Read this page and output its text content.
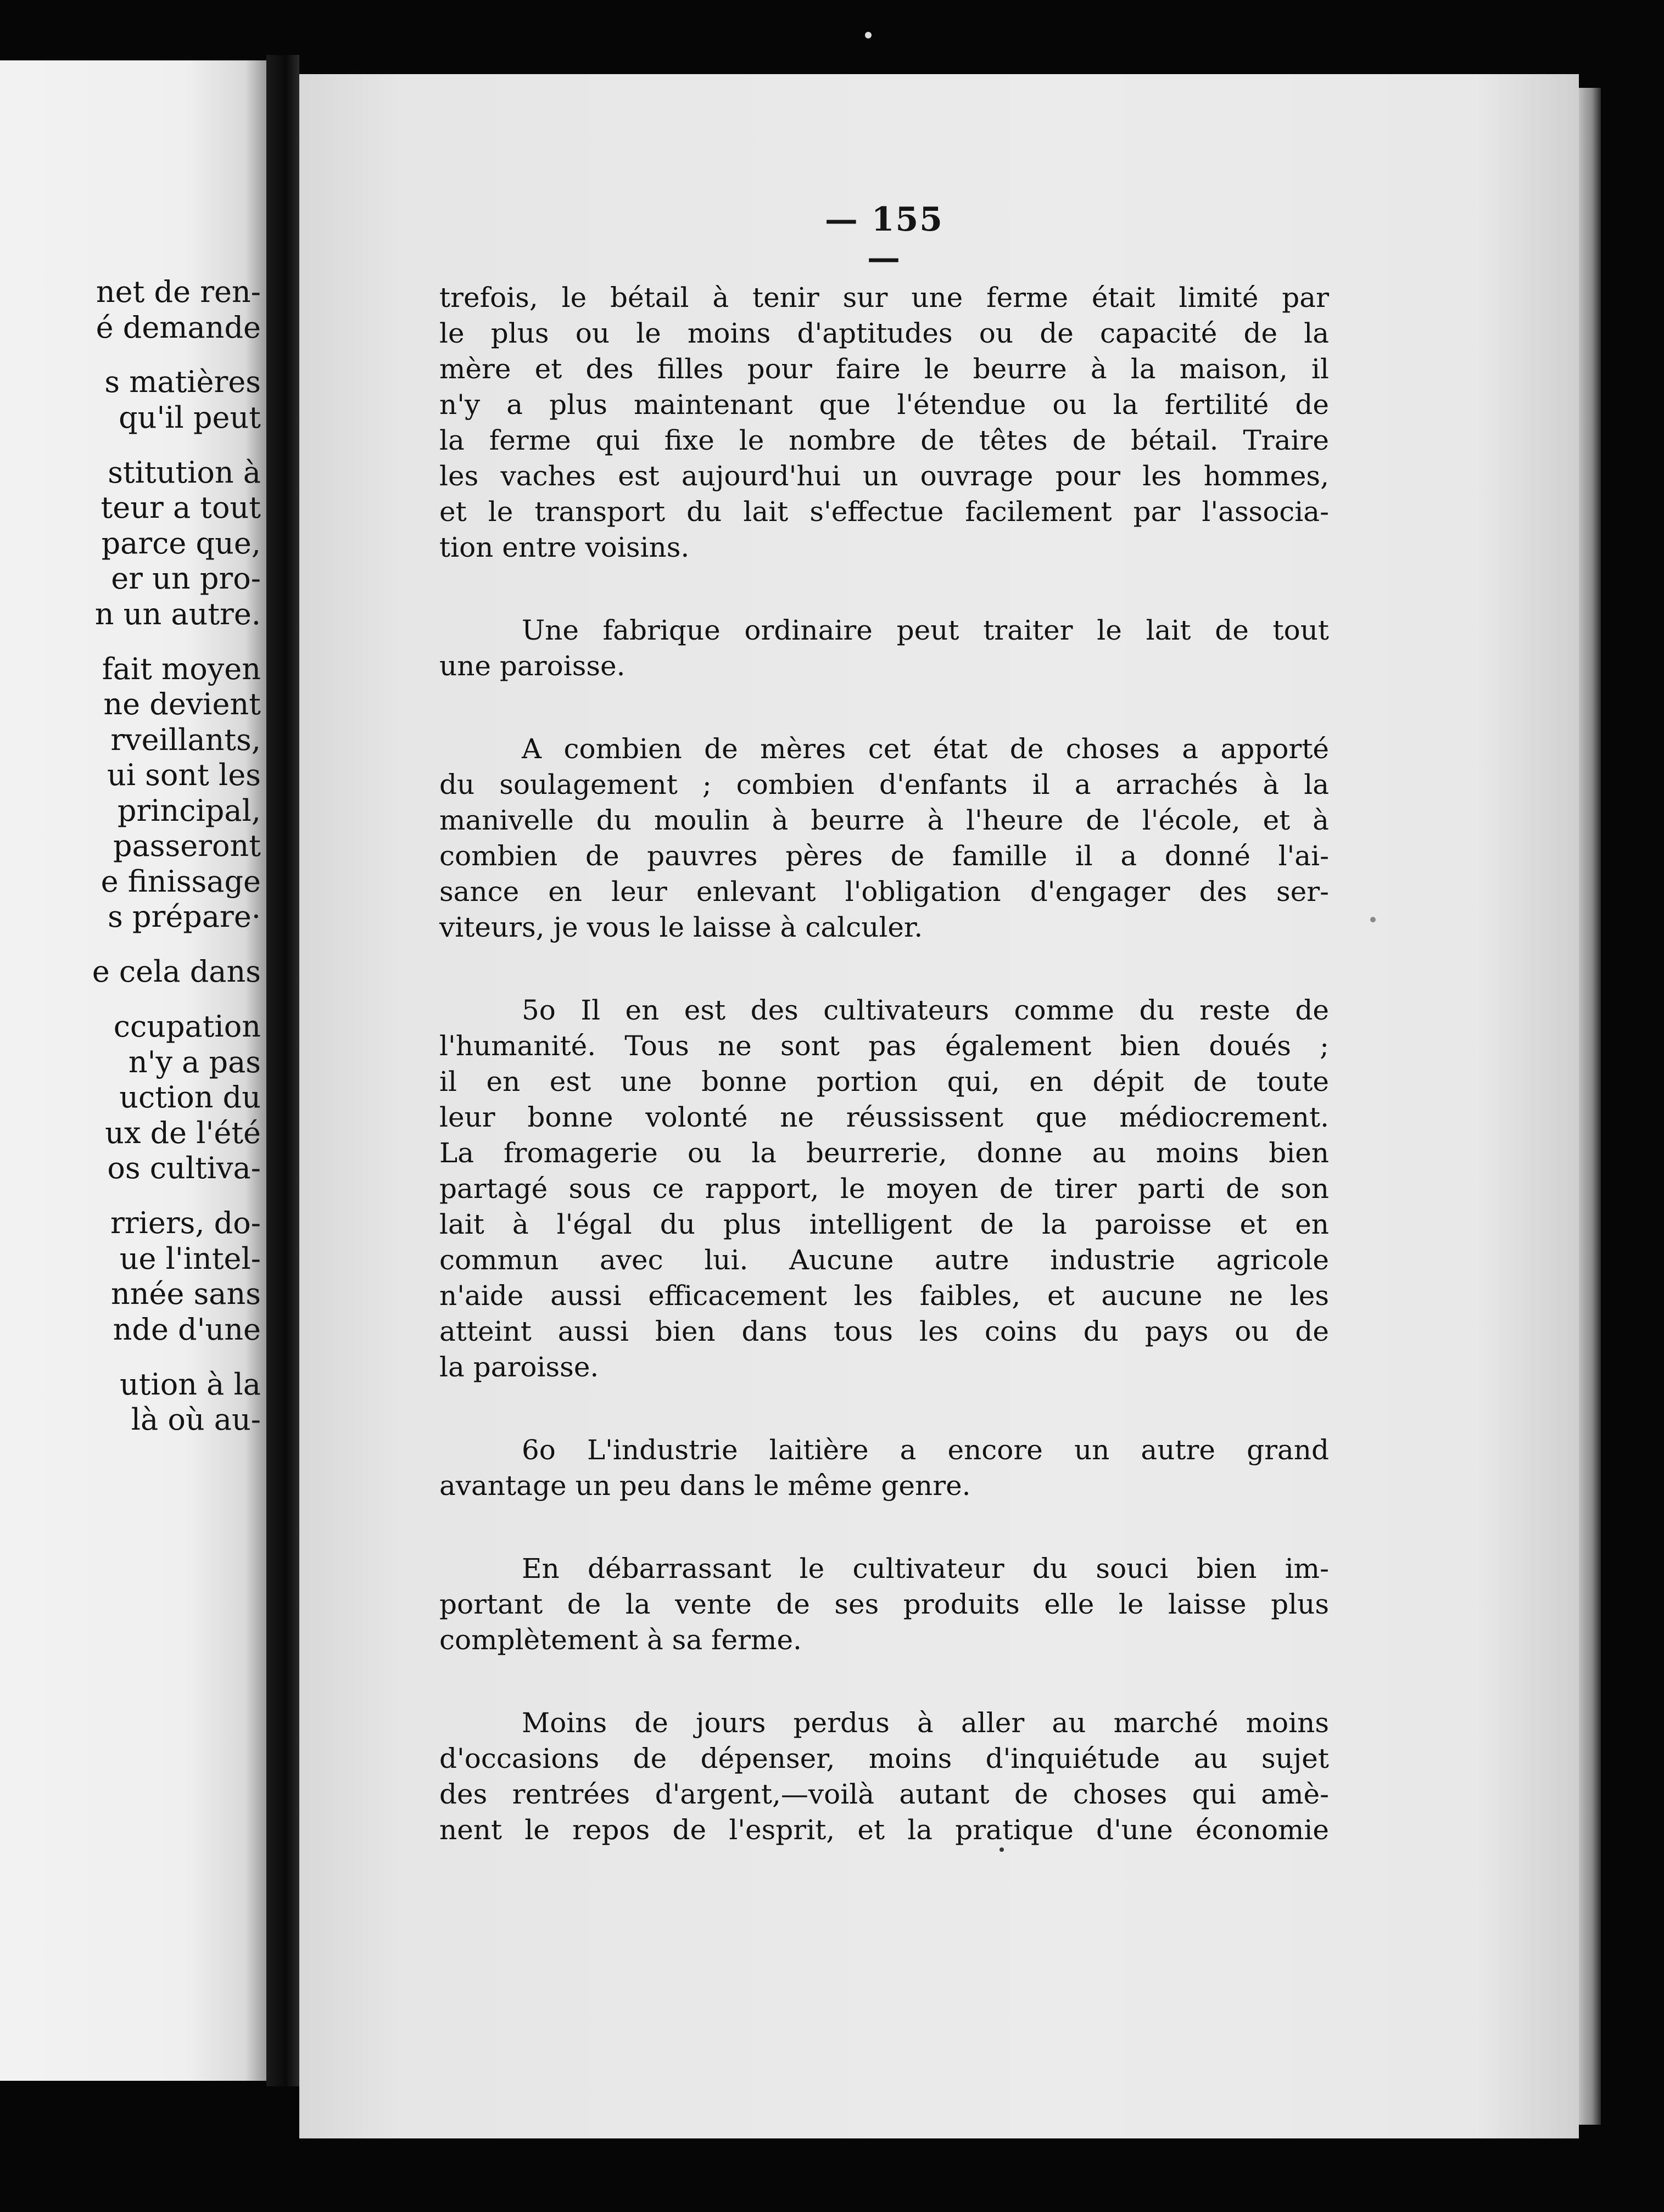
net de ren-
é demande
s matières
qu'il peut
stitution à
teur a tout
parce que,
er un pro-
n un autre.
fait moyen
ne devient
rveillants,
ui sont les
principal,
passeront
e finissage
s prépare·
e cela dans
ccupation
n'y a pas
uction du
ux de l'été
os cultiva-
rriers, do-
ue l'intel-
nnée sans
nde d'une
ution à la
là où au-
— 155 —
trefois, le bétail à tenir sur une ferme était limité par
le plus ou le moins d'aptitudes ou de capacité de la
mère et des filles pour faire le beurre à la maison, il
n'y a plus maintenant que l'étendue ou la fertilité de
la ferme qui fixe le nombre de têtes de bétail. Traire
les vaches est aujourd'hui un ouvrage pour les hommes,
et le transport du lait s'effectue facilement par l'associa-
tion entre voisins.
Une fabrique ordinaire peut traiter le lait de tout
une paroisse.
A combien de mères cet état de choses a apporté
du soulagement ; combien d'enfants il a arrachés à la
manivelle du moulin à beurre à l'heure de l'école, et à
combien de pauvres pères de famille il a donné l'ai-
sance en leur enlevant l'obligation d'engager des ser-
viteurs, je vous le laisse à calculer.
5o Il en est des cultivateurs comme du reste de
l'humanité. Tous ne sont pas également bien doués ;
il en est une bonne portion qui, en dépit de toute
leur bonne volonté ne réussissent que médiocrement.
La fromagerie ou la beurrerie, donne au moins bien
partagé sous ce rapport, le moyen de tirer parti de son
lait à l'égal du plus intelligent de la paroisse et en
commun avec lui. Aucune autre industrie agricole
n'aide aussi efficacement les faibles, et aucune ne les
atteint aussi bien dans tous les coins du pays ou de
la paroisse.
6o L'industrie laitière a encore un autre grand
avantage un peu dans le même genre.
En débarrassant le cultivateur du souci bien im-
portant de la vente de ses produits elle le laisse plus
complètement à sa ferme.
Moins de jours perdus à aller au marché moins
d'occasions de dépenser, moins d'inquiétude au sujet
des rentrées d'argent,—voilà autant de choses qui amè-
nent le repos de l'esprit, et la pratique d'une économie
